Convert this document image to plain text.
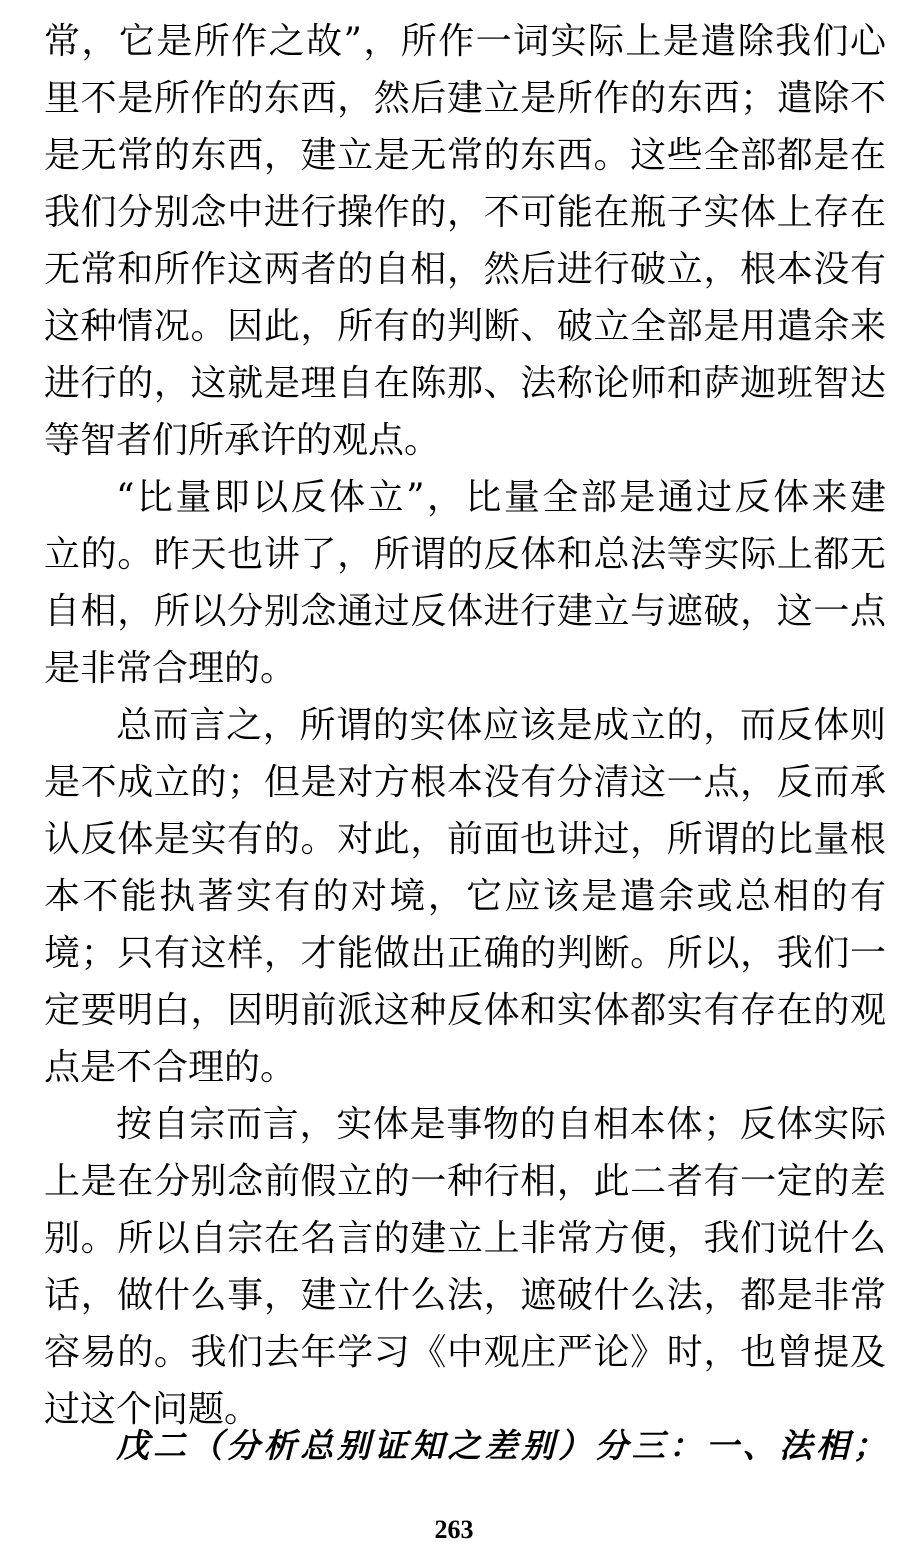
常，它是所作之故”，所作一词实际上是遣除我们心
里不是所作的东西，然后建立是所作的东西；遣除不
是无常的东西，建立是无常的东西。这些全部都是在
我们分别念中进行操作的，不可能在瓶子实体上存在
无常和所作这两者的自相，然后进行破立，根本没有
这种情况。因此，所有的判断、破立全部是用遣余来
进行的，这就是理自在陈那、法称论师和萨迦班智达
等智者们所承许的观点。
“比量即以反体立”，比量全部是通过反体来建
立的。昨天也讲了，所谓的反体和总法等实际上都无
自相，所以分别念通过反体进行建立与遮破，这一点
是非常合理的。
总而言之，所谓的实体应该是成立的，而反体则
是不成立的；但是对方根本没有分清这一点，反而承
认反体是实有的。对此，前面也讲过，所谓的比量根
本不能执著实有的对境，它应该是遣余或总相的有
境；只有这样，才能做出正确的判断。所以，我们一
定要明白，因明前派这种反体和实体都实有存在的观
点是不合理的。
按自宗而言，实体是事物的自相本体；反体实际
上是在分别念前假立的一种行相，此二者有一定的差
别。所以自宗在名言的建立上非常方便，我们说什么
话，做什么事，建立什么法，遮破什么法，都是非常
容易的。我们去年学习《中观庄严论》时，也曾提及
过这个问题。
戊二（分析总别证知之差别）分三：一、法相；
263
